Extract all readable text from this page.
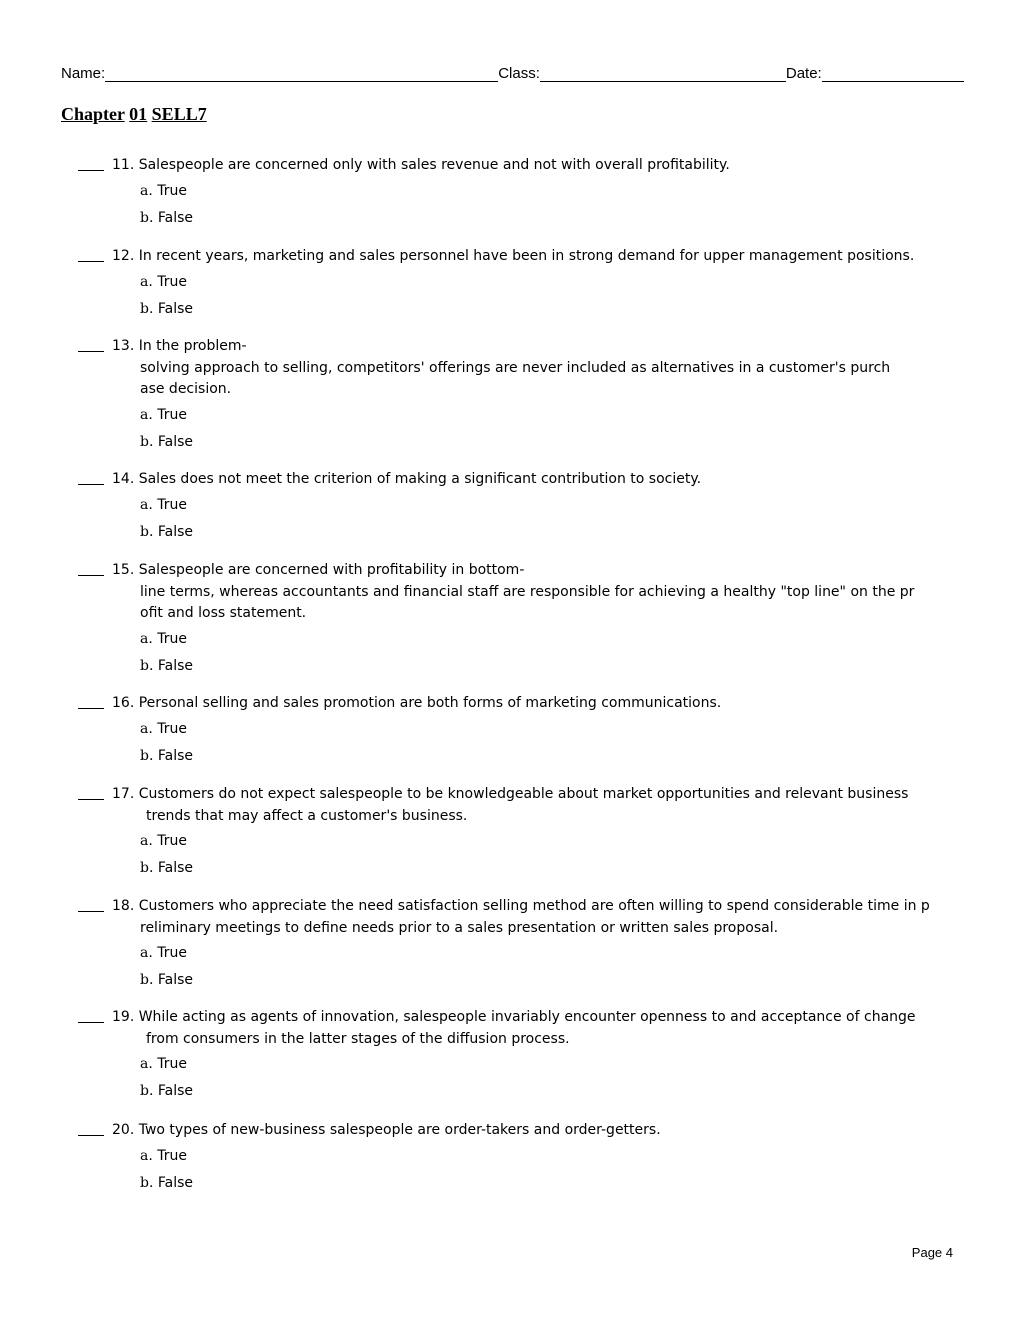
Name:	Class:	Date:
Chapter 01 SELL7
11.
Salespeople are concerned only with sales revenue and not with overall profitability.
a. True
b. False
12.
In recent years, marketing and sales personnel have been in strong demand for upper management positions.
a. True
b. False
13. In the problem-
solving approach to selling, competitors' offerings are never included as alternatives in a customer's purch
ase decision.
a. True
b. False
14.
Sales does not meet the criterion of making a significant contribution to society.
a. True
b. False
15. Salespeople are concerned with profitability in bottom-
line terms, whereas accountants and financial staff are responsible for achieving a healthy "top line" on the pr
ofit and loss statement.
a. True
b. False
16.
Personal selling and sales promotion are both forms of marketing communications.
a. True
b. False
17. Customers do not expect salespeople to be knowledgeable about market opportunities and relevant business
trends that may affect a customer's business.
a. True
b. False
18. Customers who appreciate the need satisfaction selling method are often willing to spend considerable time in p
reliminary meetings to define needs prior to a sales presentation or written sales proposal.
a. True
b. False
19. While acting as agents of innovation, salespeople invariably encounter openness to and acceptance of change
from consumers in the latter stages of the diffusion process.
a. True
b. False
20.
Two types of new-business salespeople are order-takers and order-getters.
a. True
b. False
Page 4
